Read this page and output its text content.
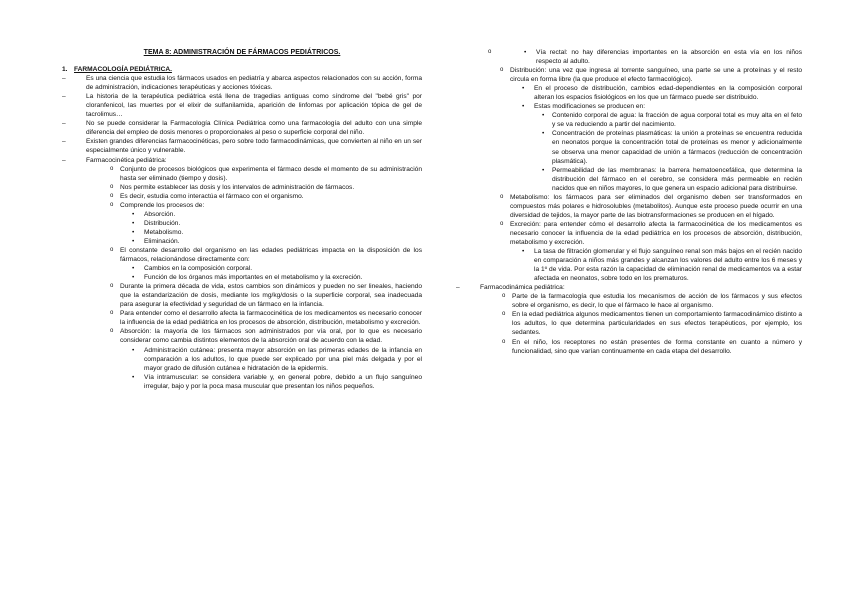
TEMA 8: ADMINISTRACIÓN DE FÁRMACOS PEDIÁTRICOS.
1. FARMACOLOGÍA PEDIÁTRICA.
– Es una ciencia que estudia los fármacos usados en pediatría y abarca aspectos relacionados con su acción, forma de administración, indicaciones terapéuticas y acciones tóxicas.
– La historia de la terapéutica pediátrica está llena de tragedias antiguas como síndrome del "bebé gris" por cloranfenicol, las muertes por el elixir de sulfanilamida, aparición de linfomas por aplicación tópica de gel de tacrolimus…
– No se puede considerar la Farmacología Clínica Pediátrica como una farmacología del adulto con una simple diferencia del empleo de dosis menores o proporcionales al peso o superficie corporal del niño.
– Existen grandes diferencias farmacocinéticas, pero sobre todo farmacodinámicas, que convierten al niño en un ser especialmente único y vulnerable.
– Farmacocinética pediátrica:
o Conjunto de procesos biológicos que experimenta el fármaco desde el momento de su administración hasta ser eliminado (tiempo y dosis).
o Nos permite establecer las dosis y los intervalos de administración de fármacos.
o Es decir, estudia como interactúa el fármaco con el organismo.
o Comprende los procesos de:
• Absorción.
• Distribución.
• Metabolismo.
• Eliminación.
o El constante desarrollo del organismo en las edades pediátricas impacta en la disposición de los fármacos, relacionándose directamente con:
• Cambios en la composición corporal.
• Función de los órganos más importantes en el metabolismo y la excreción.
o Durante la primera década de vida, estos cambios son dinámicos y pueden no ser lineales, haciendo que la estandarización de dosis, mediante los mg/kg/dosis o la superficie corporal, sea inadecuada para asegurar la efectividad y seguridad de un fármaco en la infancia.
o Para entender como el desarrollo afecta la farmacocinética de los medicamentos es necesario conocer la influencia de la edad pediátrica en los procesos de absorción, distribución, metabolismo y excreción.
o Absorción: la mayoría de los fármacos son administrados por vía oral, por lo que es necesario considerar como cambia distintos elementos de la absorción oral de acuerdo con la edad.
• Administración cutánea: presenta mayor absorción en las primeras edades de la infancia en comparación a los adultos, lo que puede ser explicado por una piel más delgada y por el mayor grado de difusión cutánea e hidratación de la epidermis.
• Vía intramuscular: se considera variable y, en general pobre, debido a un flujo sanguíneo irregular, bajo y por la poca masa muscular que presentan los niños pequeños.
• o Vía rectal: no hay diferencias importantes en la absorción en esta vía en los niños respecto al adulto.
o Distribución: una vez que ingresa al torrente sanguíneo, una parte se une a proteínas y el resto circula en forma libre (la que produce el efecto farmacológico).
• En el proceso de distribución, cambios edad-dependientes en la composición corporal alteran los espacios fisiológicos en los que un fármaco puede ser distribuido.
• Estas modificaciones se producen en:
• Contenido corporal de agua: la fracción de agua corporal total es muy alta en el feto y se va reduciendo a partir del nacimiento.
• Concentración de proteínas plasmáticas: la unión a proteínas se encuentra reducida en neonatos porque la concentración total de proteínas es menor y adicionalmente se observa una menor capacidad de unión a fármacos (reducción de concentración plasmática).
• Permeabilidad de las membranas: la barrera hematoencefálica, que determina la distribución del fármaco en el cerebro, se considera más permeable en recién nacidos que en niños mayores, lo que genera un espacio adicional para distribuirse.
o Metabolismo: los fármacos para ser eliminados del organismo deben ser transformados en compuestos más polares e hidrosolubles (metabolitos). Aunque este proceso puede ocurrir en una diversidad de tejidos, la mayor parte de las biotransformaciones se producen en el hígado.
o Excreción: para entender cómo el desarrollo afecta la farmacocinética de los medicamentos es necesario conocer la influencia de la edad pediátrica en los procesos de absorción, distribución, metabolismo y excreción.
• La tasa de filtración glomerular y el flujo sanguíneo renal son más bajos en el recién nacido en comparación a niños más grandes y alcanzan los valores del adulto entre los 6 meses y la 1º de vida. Por esta razón la capacidad de eliminación renal de medicamentos va a estar afectada en neonatos, sobre todo en los prematuros.
– Farmacodinámica pediátrica:
o Parte de la farmacología que estudia los mecanismos de acción de los fármacos y sus efectos sobre el organismo, es decir, lo que el fármaco le hace al organismo.
o En la edad pediátrica algunos medicamentos tienen un comportamiento farmacodinámico distinto a los adultos, lo que determina particularidades en sus efectos terapéuticos, por ejemplo, los sedantes.
o En el niño, los receptores no están presentes de forma constante en cuanto a número y funcionalidad, sino que varían continuamente en cada etapa del desarrollo.
